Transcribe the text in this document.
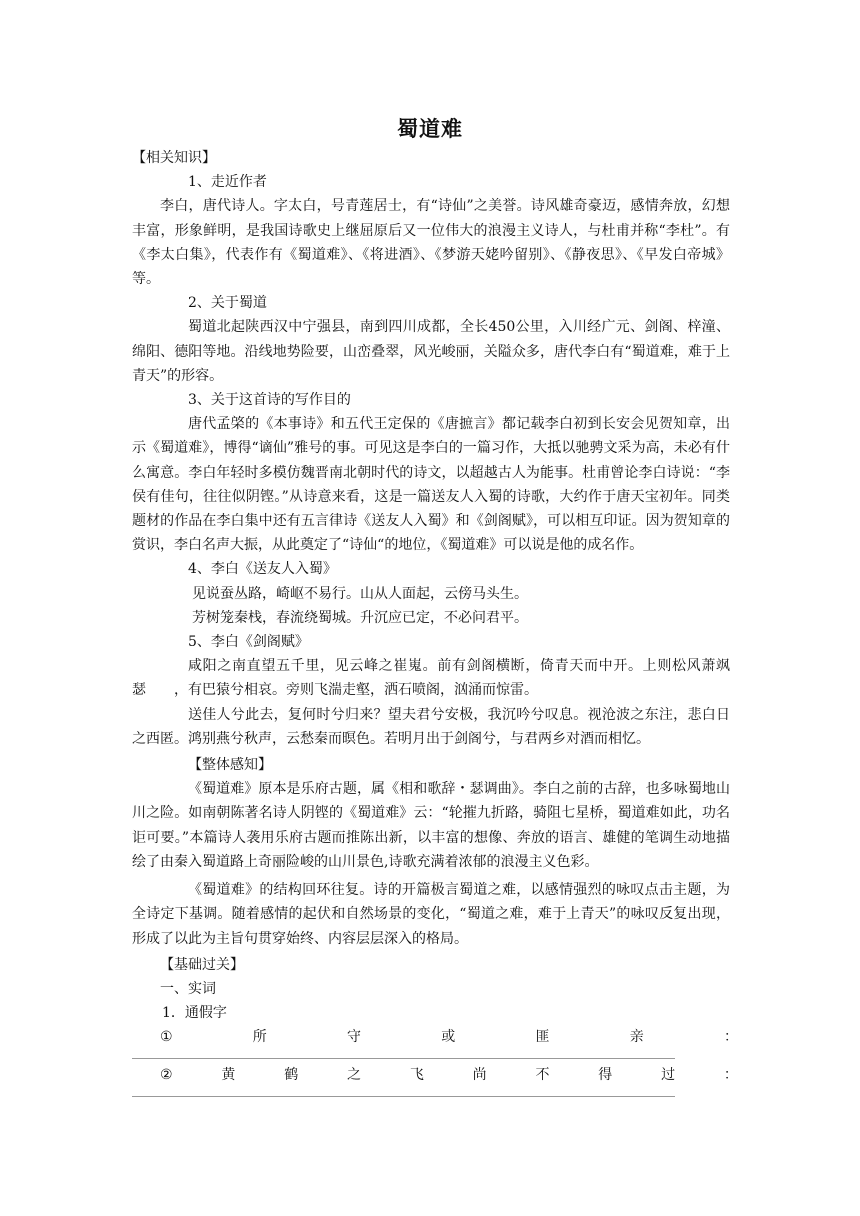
蜀道难

【相关知识】

1、走近作者

李白，唐代诗人。字太白，号青莲居士，有“诗仙”之美誉。诗风雄奇豪迈，感情奔放，幻想丰富，形象鲜明，是我国诗歌史上继屈原后又一位伟大的浪漫主义诗人，与杜甫并称“李杜”。有《李太白集》，代表作有《蜀道难》、《将进酒》、《梦游天姥吟留别》、《静夜思》、《早发白帝城》等。

2、关于蜀道

蜀道北起陕西汉中宁强县，南到四川成都，全长450公里，入川经广元、剑阁、梓潼、绵阳、德阳等地。沿线地势险要，山峦叠翠，风光峻丽，关隘众多，唐代李白有“蜀道难，难于上青天”的形容。

3、关于这首诗的写作目的

唐代孟棨的《本事诗》和五代王定保的《唐摭言》都记载李白初到长安会见贺知章，出示《蜀道难》，博得“谪仙”雅号的事。可见这是李白的一篇习作，大抵以驰骋文采为高，未必有什么寓意。李白年轻时多模仿魏晋南北朝时代的诗文，以超越古人为能事。杜甫曾论李白诗说：“李侯有佳句，往往似阴铿。”从诗意来看，这是一篇送友人入蜀的诗歌，大约作于唐天宝初年。同类题材的作品在李白集中还有五言律诗《送友人入蜀》和《剑阁赋》，可以相互印证。因为贺知章的赏识，李白名声大振，从此奠定了“诗仙“的地位，《蜀道难》可以说是他的成名作。

4、李白《送友人入蜀》

见说蚕丛路，崎岖不易行。山从人面起，云傍马头生。

芳树笼秦栈，春流绕蜀城。升沉应已定，不必问君平。

5、李白《剑阁赋》

咸阳之南直望五千里，见云峰之崔嵬。前有剑阁横断，倚青天而中开。上则松风萧飒瑟　　，有巴猿兮相哀。旁则飞湍走壑，洒石喷阁，汹涌而惊雷。

送佳人兮此去，复何时兮归来？望夫君兮安极，我沉吟兮叹息。视沧波之东注，悲白日之西匿。鸿别燕兮秋声，云愁秦而暝色。若明月出于剑阁兮，与君两乡对酒而相忆。

【整体感知】

《蜀道难》原本是乐府古题，属《相和歌辞・瑟调曲》。李白之前的古辞，也多咏蜀地山川之险。如南朝陈著名诗人阴铿的《蜀道难》云：“轮摧九折路，骑阻七星桥，蜀道难如此，功名讵可要。”本篇诗人袭用乐府古题而推陈出新，以丰富的想像、奔放的语言、雄健的笔调生动地描绘了由秦入蜀道路上奇丽险峻的山川景色,诗歌充满着浓郁的浪漫主义色彩。

《蜀道难》的结构回环往复。诗的开篇极言蜀道之难，以感情强烈的咏叹点击主题，为全诗定下基调。随着感情的起伏和自然场景的变化，“蜀道之难，难于上青天”的咏叹反复出现，形成了以此为主旨句贯穿始终、内容层层深入的格局。

【基础过关】

一、实词

1．通假字

①	所	守	或	匪	亲	：
②	黄	鹤	之	飞	尚	不	得	过	：
